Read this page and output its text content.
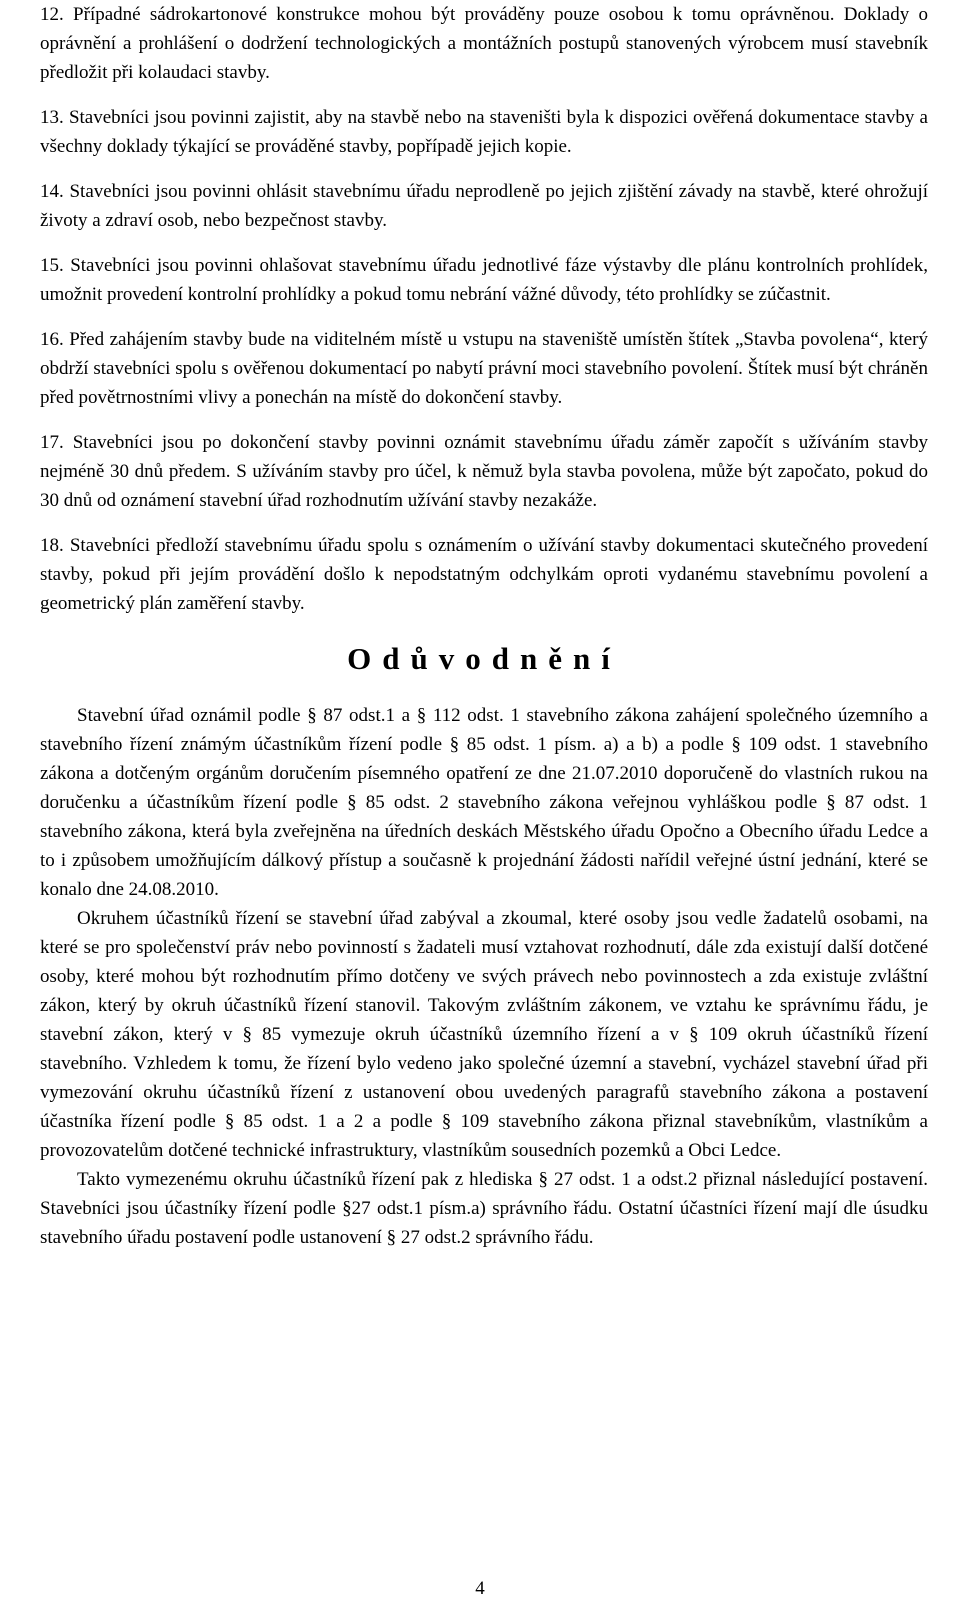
12. Případné sádrokartonové konstrukce mohou být prováděny pouze osobou k tomu oprávněnou. Doklady o oprávnění a prohlášení o dodržení technologických a montážních postupů stanovených výrobcem musí stavebník předložit při kolaudaci stavby.

13. Stavebníci jsou povinni zajistit, aby na stavbě nebo na staveništi byla k dispozici ověřená dokumentace stavby a všechny doklady týkající se prováděné stavby, popřípadě jejich kopie.

14. Stavebníci jsou povinni ohlásit stavebnímu úřadu neprodleně po jejich zjištění závady na stavbě, které ohrožují životy a zdraví osob, nebo bezpečnost stavby.

15. Stavebníci jsou povinni ohlašovat stavebnímu úřadu jednotlivé fáze výstavby dle plánu kontrolních prohlídek, umožnit provedení kontrolní prohlídky a pokud tomu nebrání vážné důvody, této prohlídky se zúčastnit.

16. Před zahájením stavby bude na viditelném místě u vstupu na staveniště umístěn štítek „Stavba povolena“, který obdrží stavebníci spolu s ověřenou dokumentací po nabytí právní moci stavebního povolení. Štítek musí být chráněn před povětrnostními vlivy a ponechán na místě do dokončení stavby.

17. Stavebníci jsou po dokončení stavby povinni oznámit stavebnímu úřadu záměr započít s užíváním stavby nejméně 30 dnů předem. S užíváním stavby pro účel, k němuž byla stavba povolena, může být započato, pokud do 30 dnů od oznámení stavební úřad rozhodnutím užívání stavby nezakáže.

18. Stavebníci předloží stavebnímu úřadu spolu s oznámením o užívání stavby dokumentaci skutečného provedení stavby, pokud při jejím provádění došlo k nepodstatným odchylkám oproti vydanému stavebnímu povolení a geometrický plán zaměření stavby.

Odůvodnění

Stavební úřad oznámil podle § 87 odst.1 a § 112 odst. 1 stavebního zákona zahájení společného územního a stavebního řízení známým účastníkům řízení podle § 85 odst. 1 písm. a) a b) a podle § 109 odst. 1 stavebního zákona a dotčeným orgánům doručením písemného opatření ze dne 21.07.2010 doporučeně do vlastních rukou na doručenku a účastníkům řízení podle § 85 odst. 2 stavebního zákona veřejnou vyhláškou podle § 87 odst. 1 stavebního zákona, která byla zveřejněna na úředních deskách Městského úřadu Opočno a Obecního úřadu Ledce a to i způsobem umožňujícím dálkový přístup a současně k projednání žádosti nařídil veřejné ústní jednání, které se konalo dne 24.08.2010.

Okruhem účastníků řízení se stavební úřad zabýval a zkoumal, které osoby jsou vedle žadatelů osobami, na které se pro společenství práv nebo povinností s žadateli musí vztahovat rozhodnutí, dále zda existují další dotčené osoby, které mohou být rozhodnutím přímo dotčeny ve svých právech nebo povinnostech a zda existuje zvláštní zákon, který by okruh účastníků řízení stanovil. Takovým zvláštním zákonem, ve vztahu ke správnímu řádu, je stavební zákon, který v § 85 vymezuje okruh účastníků územního řízení a v § 109 okruh účastníků řízení stavebního. Vzhledem k tomu, že řízení bylo vedeno jako společné územní a stavební, vycházel stavební úřad při vymezování okruhu účastníků řízení z ustanovení obou uvedených paragrafů stavebního zákona a postavení účastníka řízení podle § 85 odst. 1 a 2 a podle § 109 stavebního zákona přiznal stavebníkům, vlastníkům a provozovatelům dotčené technické infrastruktury, vlastníkům sousedních pozemků a Obci Ledce.

Takto vymezenému okruhu účastníků řízení pak z hlediska § 27 odst. 1 a odst.2 přiznal následující postavení. Stavebníci jsou účastníky řízení podle §27 odst.1 písm.a) správního řádu. Ostatní účastníci řízení mají dle úsudku stavebního úřadu postavení podle ustanovení § 27 odst.2 správního řádu.

4
